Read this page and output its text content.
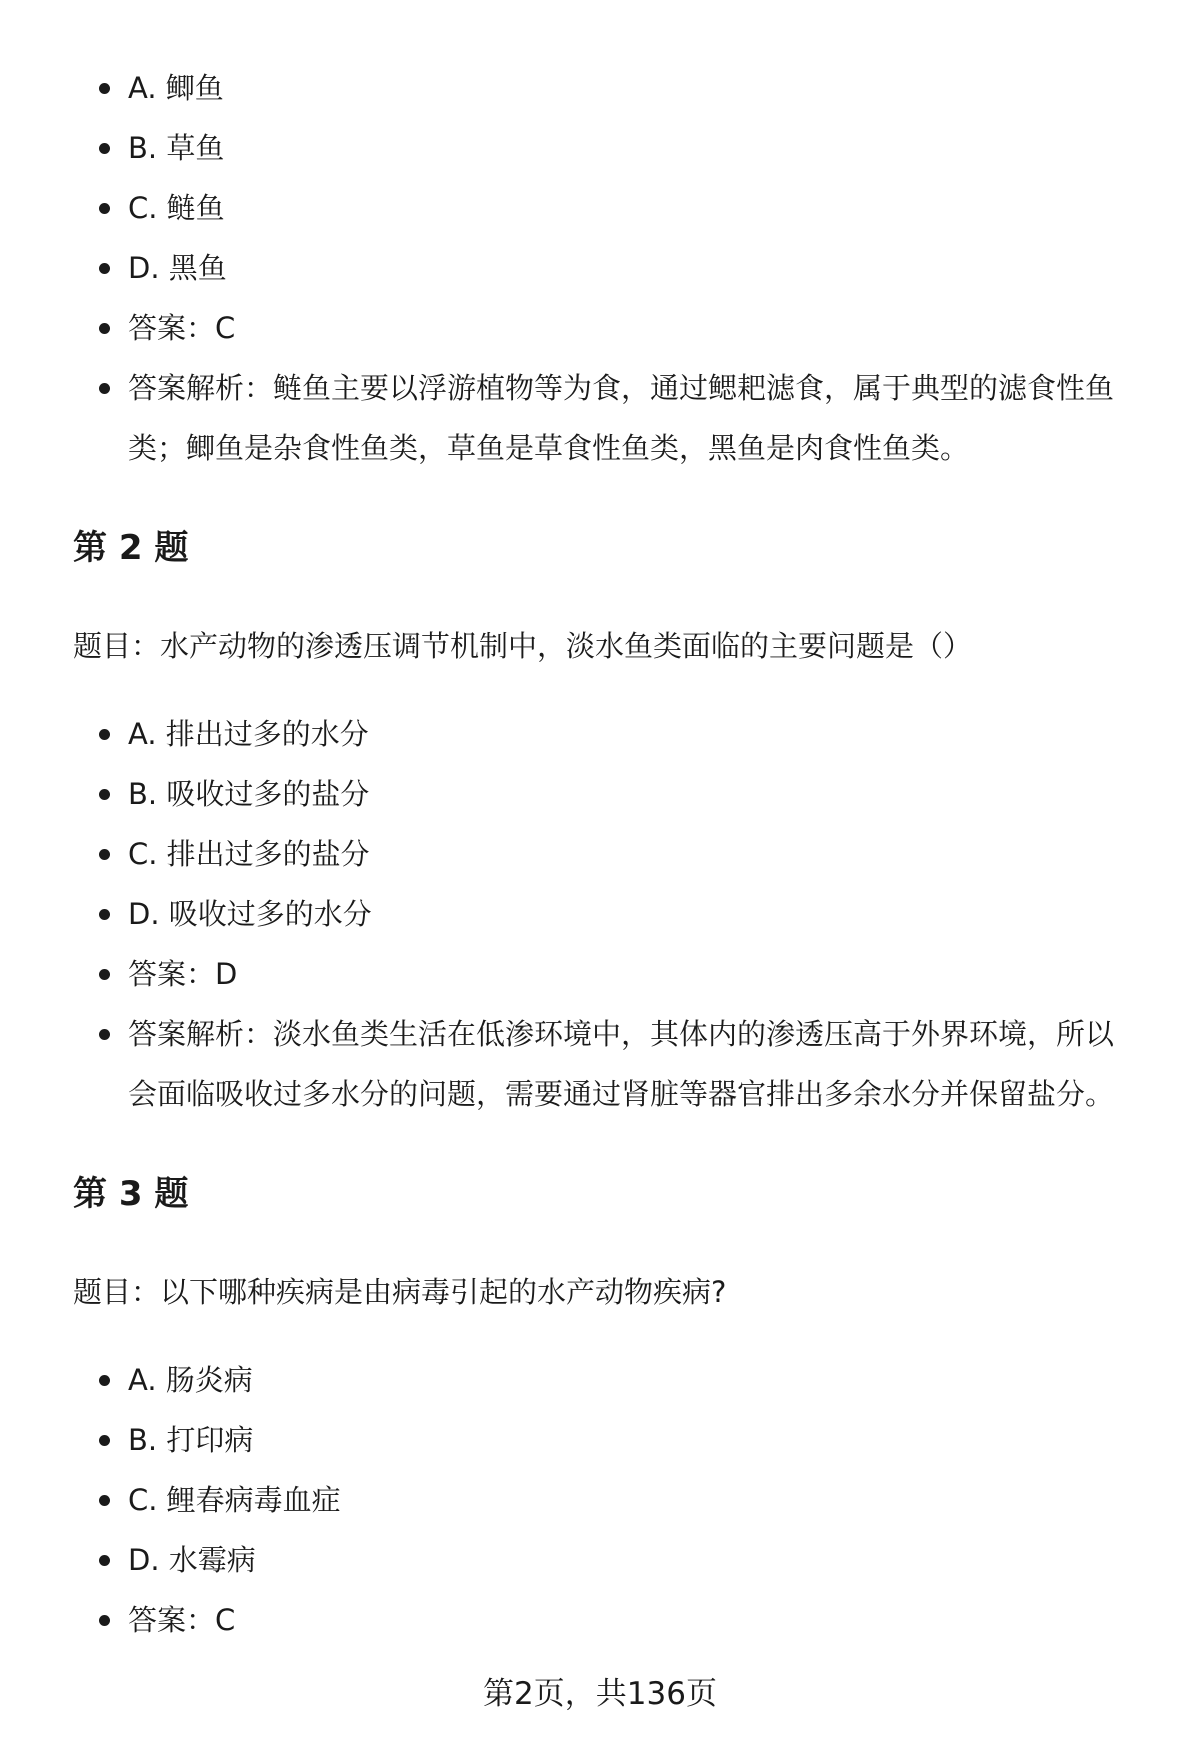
A. 鲫鱼
B. 草鱼
C. 鲢鱼
D. 黑鱼
答案：C
答案解析：鲢鱼主要以浮游植物等为食，通过鳃耙滤食，属于典型的滤食性鱼类；鲫鱼是杂食性鱼类，草鱼是草食性鱼类，黑鱼是肉食性鱼类。
第 2 题

题目：水产动物的渗透压调节机制中，淡水鱼类面临的主要问题是（）

A. 排出过多的水分
B. 吸收过多的盐分
C. 排出过多的盐分
D. 吸收过多的水分
答案：D
答案解析：淡水鱼类生活在低渗环境中，其体内的渗透压高于外界环境，所以会面临吸收过多水分的问题，需要通过肾脏等器官排出多余水分并保留盐分。
第 3 题

题目：以下哪种疾病是由病毒引起的水产动物疾病?

A. 肠炎病
B. 打印病
C. 鲤春病毒血症
D. 水霉病
答案：C
第2页，共136页
